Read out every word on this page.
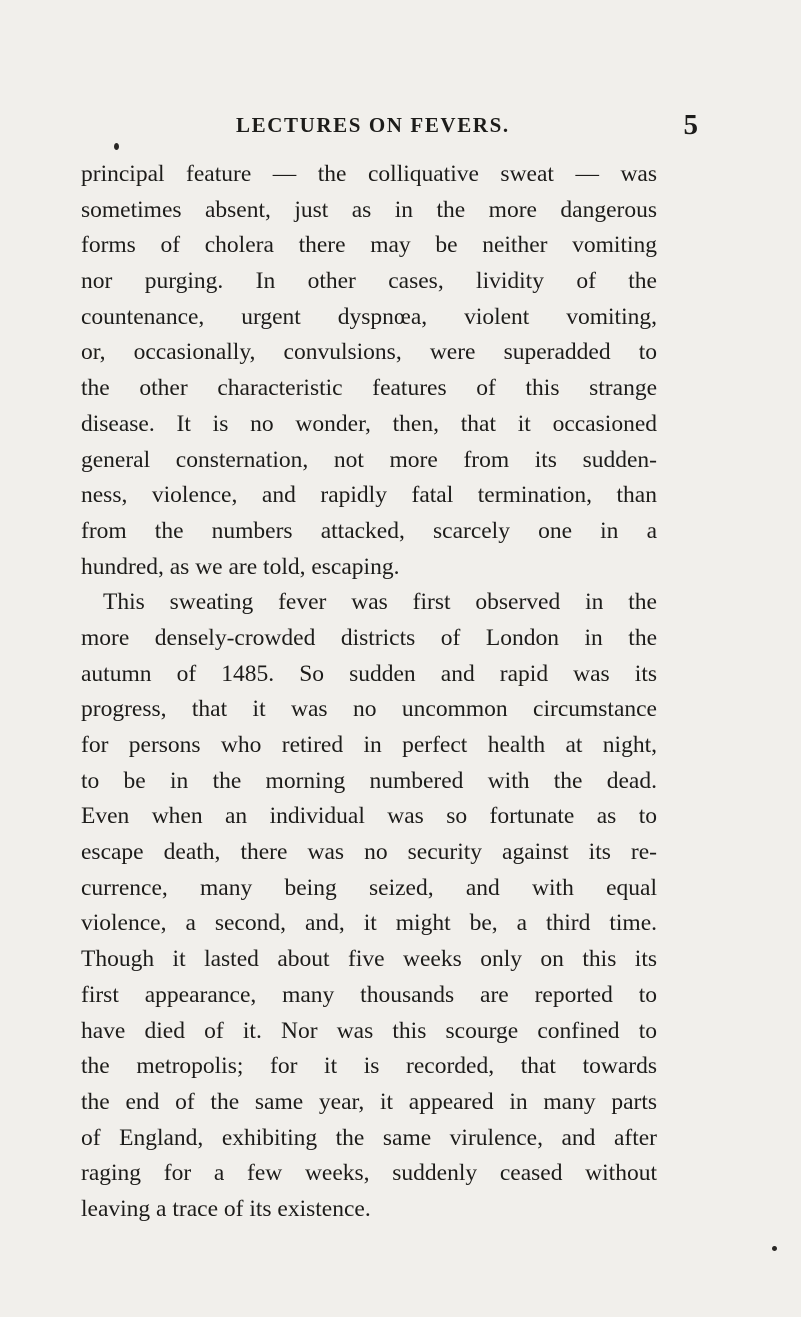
LECTURES ON FEVERS.	5
principal feature — the colliquative sweat — was
sometimes absent, just as in the more dangerous
forms of cholera there may be neither vomiting
nor purging. In other cases, lividity of the
countenance, urgent dyspnœa, violent vomiting,
or, occasionally, convulsions, were superadded to
the other characteristic features of this strange
disease. It is no wonder, then, that it occasioned
general consternation, not more from its sudden-
ness, violence, and rapidly fatal termination, than
from the numbers attacked, scarcely one in a
hundred, as we are told, escaping.
This sweating fever was first observed in the
more densely-crowded districts of London in the
autumn of 1485. So sudden and rapid was its
progress, that it was no uncommon circumstance
for persons who retired in perfect health at night,
to be in the morning numbered with the dead.
Even when an individual was so fortunate as to
escape death, there was no security against its re-
currence, many being seized, and with equal
violence, a second, and, it might be, a third time.
Though it lasted about five weeks only on this its
first appearance, many thousands are reported to
have died of it. Nor was this scourge confined to
the metropolis; for it is recorded, that towards
the end of the same year, it appeared in many parts
of England, exhibiting the same virulence, and after
raging for a few weeks, suddenly ceased without
leaving a trace of its existence.
